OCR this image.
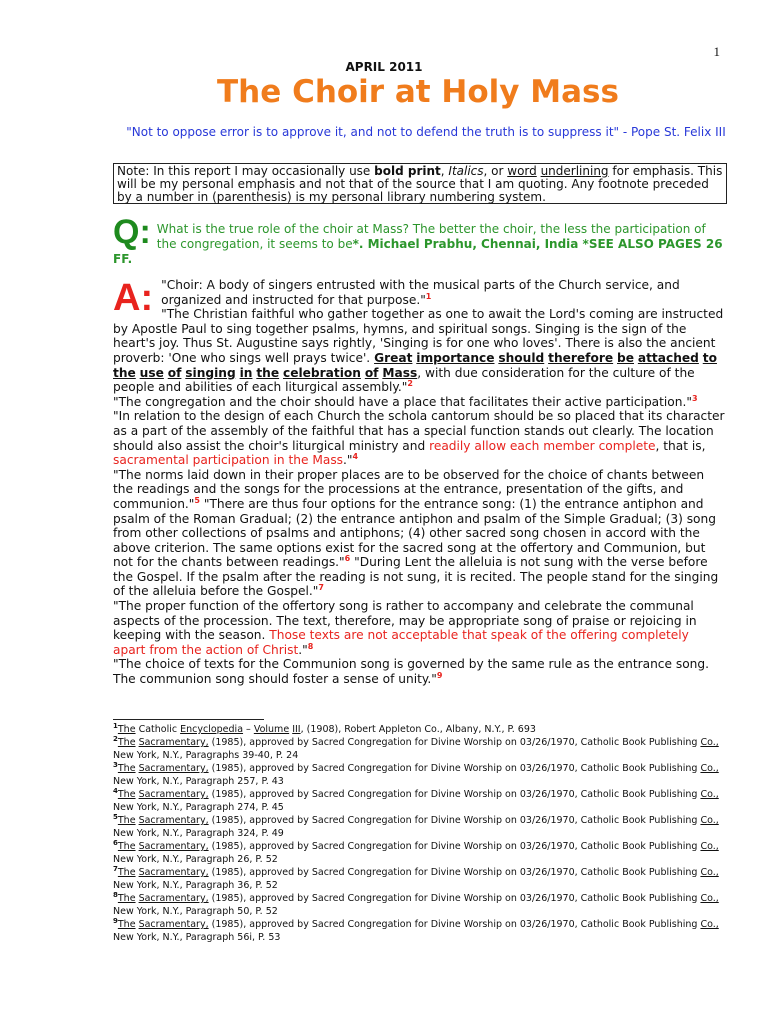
1
APRIL 2011
The Choir at Holy Mass
"Not to oppose error is to approve it, and not to defend the truth is to suppress it" - Pope St. Felix III
Note: In this report I may occasionally use bold print, Italics, or word underlining for emphasis. This will be my personal emphasis and not that of the source that I am quoting. Any footnote preceded by a number in (parenthesis) is my personal library numbering system.
Q: What is the true role of the choir at Mass? The better the choir, the less the participation of the congregation, it seems to be*. Michael Prabhu, Chennai, India *SEE ALSO PAGES 26 FF.
A: "Choir: A body of singers entrusted with the musical parts of the Church service, and organized and instructed for that purpose."$^1$

"The Christian faithful who gather together as one to await the Lord's coming are instructed by Apostle Paul to sing together psalms, hymns, and spiritual songs. Singing is the sign of the heart's joy. Thus St. Augustine says rightly, 'Singing is for one who loves'. There is also the ancient proverb: 'One who sings well prays twice'. Great importance should therefore be attached to the use of singing in the celebration of Mass, with due consideration for the culture of the people and abilities of each liturgical assembly."$^2$

"The congregation and the choir should have a place that facilitates their active participation."$^3$

"In relation to the design of each Church the schola cantorum should be so placed that its character as a part of the assembly of the faithful that has a special function stands out clearly. The location should also assist the choir's liturgical ministry and readily allow each member complete, that is, sacramental participation in the Mass."$^4$

"The norms laid down in their proper places are to be observed for the choice of chants between the readings and the songs for the processions at the entrance, presentation of the gifts, and communion."$^5$ "There are thus four options for the entrance song: (1) the entrance antiphon and psalm of the Roman Gradual; (2) the entrance antiphon and psalm of the Simple Gradual; (3) song from other collections of psalms and antiphons; (4) other sacred song chosen in accord with the above criterion. The same options exist for the sacred song at the offertory and Communion, but not for the chants between readings."$^6$ "During Lent the alleluia is not sung with the verse before the Gospel. If the psalm after the reading is not sung, it is recited. The people stand for the singing of the alleluia before the Gospel."$^7$

"The proper function of the offertory song is rather to accompany and celebrate the communal aspects of the procession. The text, therefore, may be appropriate song of praise or rejoicing in keeping with the season. Those texts are not acceptable that speak of the offering completely apart from the action of Christ."$^8$

"The choice of texts for the Communion song is governed by the same rule as the entrance song. The communion song should foster a sense of unity."$^9$

$^1$The Catholic Encyclopedia – Volume III, (1908), Robert Appleton Co., Albany, N.Y., P. 693
$^2$The Sacramentary, (1985), approved by Sacred Congregation for Divine Worship on 03/26/1970, Catholic Book Publishing Co., New York, N.Y., Paragraphs 39-40, P. 24
$^3$The Sacramentary, (1985), approved by Sacred Congregation for Divine Worship on 03/26/1970, Catholic Book Publishing Co., New York, N.Y., Paragraph 257, P. 43
$^4$The Sacramentary, (1985), approved by Sacred Congregation for Divine Worship on 03/26/1970, Catholic Book Publishing Co., New York, N.Y., Paragraph 274, P. 45
$^5$The Sacramentary, (1985), approved by Sacred Congregation for Divine Worship on 03/26/1970, Catholic Book Publishing Co., New York, N.Y., Paragraph 324, P. 49
$^6$The Sacramentary, (1985), approved by Sacred Congregation for Divine Worship on 03/26/1970, Catholic Book Publishing Co., New York, N.Y., Paragraph 26, P. 52
$^7$The Sacramentary, (1985), approved by Sacred Congregation for Divine Worship on 03/26/1970, Catholic Book Publishing Co., New York, N.Y., Paragraph 36, P. 52
$^8$The Sacramentary, (1985), approved by Sacred Congregation for Divine Worship on 03/26/1970, Catholic Book Publishing Co., New York, N.Y., Paragraph 50, P. 52
$^9$The Sacramentary, (1985), approved by Sacred Congregation for Divine Worship on 03/26/1970, Catholic Book Publishing Co., New York, N.Y., Paragraph 56i, P. 53
